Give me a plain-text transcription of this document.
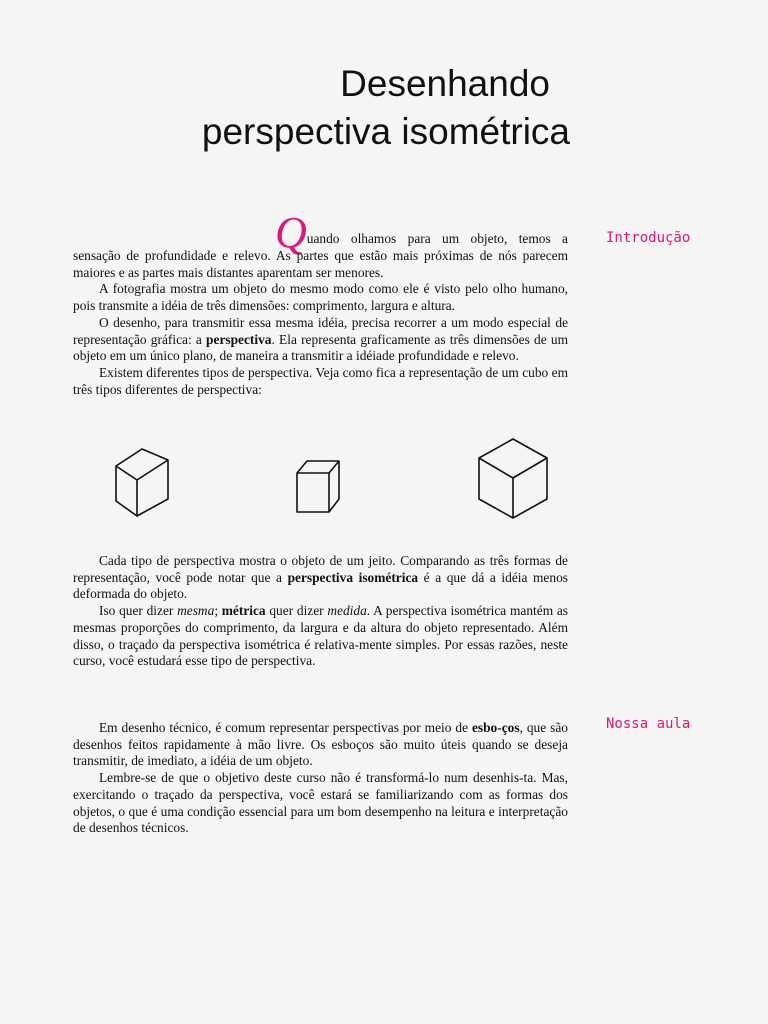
Desenhando
perspectiva isométrica
Introdução
Nossa aula

Quando olhamos para um objeto, temos a sensação de profundidade e relevo. As partes que estão mais próximas de nós parecem maiores e as partes mais distantes aparentam ser menores.

A fotografia mostra um objeto do mesmo modo como ele é visto pelo olho humano, pois transmite a idéia de três dimensões: comprimento, largura e altura.

O desenho, para transmitir essa mesma idéia, precisa recorrer a um modo especial de representação gráfica: a perspectiva. Ela representa graficamente as três dimensões de um objeto em um único plano, de maneira a transmitir a idéiade profundidade e relevo.

Existem diferentes tipos de perspectiva. Veja como fica a representação de um cubo em três tipos diferentes de perspectiva:

Cada tipo de perspectiva mostra o objeto de um jeito. Comparando as três formas de representação, você pode notar que a perspectiva isométrica é a que dá a idéia menos deformada do objeto.

Iso quer dizer mesma; métrica quer dizer medida. A perspectiva isométrica mantém as mesmas proporções do comprimento, da largura e da altura do objeto representado. Além disso, o traçado da perspectiva isométrica é relativa-mente simples. Por essas razões, neste curso, você estudará esse tipo de perspectiva.

Em desenho técnico, é comum representar perspectivas por meio de esbo-ços, que são desenhos feitos rapidamente à mão livre. Os esboços são muito úteis quando se deseja transmitir, de imediato, a idéia de um objeto.

Lembre-se de que o objetivo deste curso não é transformá-lo num desenhis-ta. Mas, exercitando o traçado da perspectiva, você estará se familiarizando com as formas dos objetos, o que é uma condição essencial para um bom desempenho na leitura e interpretação de desenhos técnicos.
